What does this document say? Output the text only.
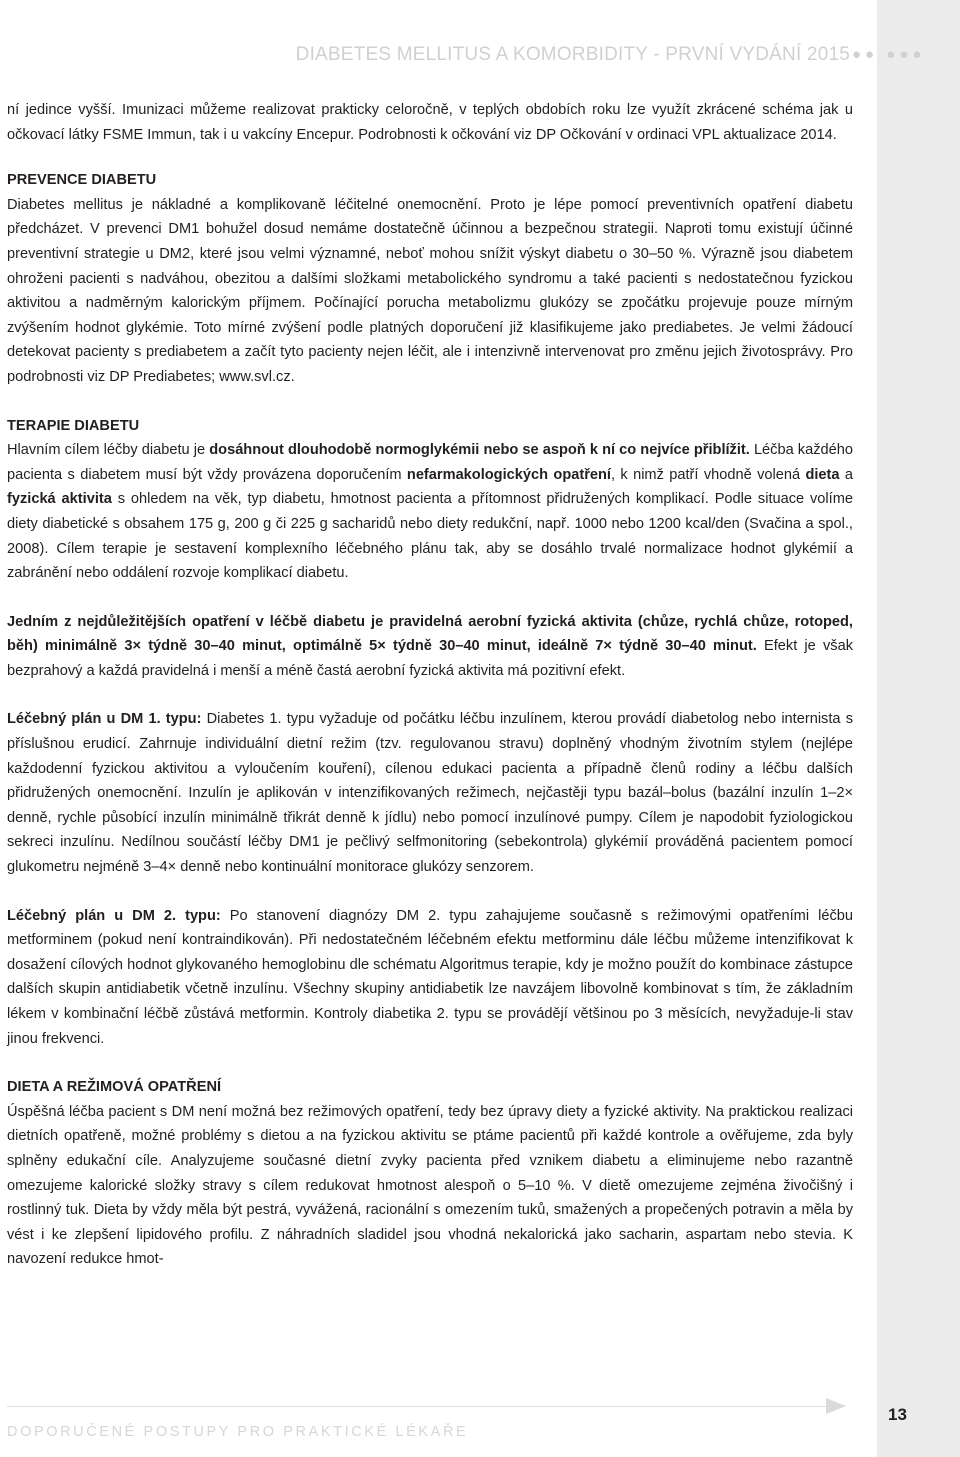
DIABETES MELLITUS A KOMORBIDITY - PRVNÍ VYDÁNÍ 2015 ●● ●●●

ní jedince vyšší. Imunizaci můžeme realizovat prakticky celoročně, v teplých obdobích roku lze využít zkrácené schéma jak u očkovací látky FSME Immun, tak i u vakcíny Encepur. Podrobnosti k očkování viz DP Očkování v ordinaci VPL aktualizace 2014.

PREVENCE DIABETU

Diabetes mellitus je nákladné a komplikovaně léčitelné onemocnění. Proto je lépe pomocí preventivních opatření diabetu předcházet. V prevenci DM1 bohužel dosud nemáme dostatečně účinnou a bezpečnou strategii. Naproti tomu existují účinné preventivní strategie u DM2, které jsou velmi významné, neboť mohou snížit výskyt diabetu o 30–50 %. Výrazně jsou diabetem ohroženi pacienti s nadváhou, obezitou a dalšími složkami metabolického syndromu a také pacienti s nedostatečnou fyzickou aktivitou a nadměrným kalorickým příjmem. Počínající porucha metabolizmu glukózy se zpočátku projevuje pouze mírným zvýšením hodnot glykémie. Toto mírné zvýšení podle platných doporučení již klasifikujeme jako prediabetes. Je velmi žádoucí detekovat pacienty s prediabetem a začít tyto pacienty nejen léčit, ale i intenzivně intervenovat pro změnu jejich životosprávy. Pro podrobnosti viz DP Prediabetes; www.svl.cz.

TERAPIE DIABETU

Hlavním cílem léčby diabetu je dosáhnout dlouhodobě normoglykémii nebo se aspoň k ní co nejvíce přiblížit. Léčba každého pacienta s diabetem musí být vždy provázena doporučením nefarmakologických opatření, k nimž patří vhodně volená dieta a fyzická aktivita s ohledem na věk, typ diabetu, hmotnost pacienta a přítomnost přidružených komplikací. Podle situace volíme diety diabetické s obsahem 175 g, 200 g či 225 g sacharidů nebo diety redukční, např. 1000 nebo 1200 kcal/den (Svačina a spol., 2008). Cílem terapie je sestavení komplexního léčebného plánu tak, aby se dosáhlo trvalé normalizace hodnot glykémií a zabránění nebo oddálení rozvoje komplikací diabetu.

Jedním z nejdůležitějších opatření v léčbě diabetu je pravidelná aerobní fyzická aktivita (chůze, rychlá chůze, rotoped, běh) minimálně 3× týdně 30–40 minut, optimálně 5× týdně 30–40 minut, ideálně 7× týdně 30–40 minut. Efekt je však bezprahový a každá pravidelná i menší a méně častá aerobní fyzická aktivita má pozitivní efekt.

Léčebný plán u DM 1. typu: Diabetes 1. typu vyžaduje od počátku léčbu inzulínem, kterou provádí diabetolog nebo internista s příslušnou erudicí. Zahrnuje individuální dietní režim (tzv. regulovanou stravu) doplněný vhodným životním stylem (nejlépe každodenní fyzickou aktivitou a vyloučením kouření), cílenou edukaci pacienta a případně členů rodiny a léčbu dalších přidružených onemocnění. Inzulín je aplikován v intenzifikovaných režimech, nejčastěji typu bazál–bolus (bazální inzulín 1–2× denně, rychle působící inzulín minimálně třikrát denně k jídlu) nebo pomocí inzulínové pumpy. Cílem je napodobit fyziologickou sekreci inzulínu. Nedílnou součástí léčby DM1 je pečlivý selfmonitoring (sebekontrola) glykémií prováděná pacientem pomocí glukometru nejméně 3–4× denně nebo kontinuální monitorace glukózy senzorem.

Léčebný plán u DM 2. typu: Po stanovení diagnózy DM 2. typu zahajujeme současně s režimovými opatřeními léčbu metforminem (pokud není kontraindikován). Při nedostatečném léčebném efektu metforminu dále léčbu můžeme intenzifikovat k dosažení cílových hodnot glykovaného hemoglobinu dle schématu Algoritmus terapie, kdy je možno použít do kombinace zástupce dalších skupin antidiabetik včetně inzulínu. Všechny skupiny antidiabetik lze navzájem libovolně kombinovat s tím, že základním lékem v kombinační léčbě zůstává metformin. Kontroly diabetika 2. typu se provádějí většinou po 3 měsících, nevyžaduje-li stav jinou frekvenci.

DIETA A REŽIMOVÁ OPATŘENÍ

Úspěšná léčba pacient s DM není možná bez režimových opatření, tedy bez úpravy diety a fyzické aktivity. Na praktickou realizaci dietních opatřeně, možné problémy s dietou a na fyzickou aktivitu se ptáme pacientů při každé kontrole a ověřujeme, zda byly splněny edukační cíle. Analyzujeme současné dietní zvyky pacienta před vznikem diabetu a eliminujeme nebo razantně omezujeme kalorické složky stravy s cílem redukovat hmotnost alespoň o 5–10 %. V dietě omezujeme zejména živočišný i rostlinný tuk. Dieta by vždy měla být pestrá, vyvážená, racionální s omezením tuků, smažených a propečených potravin a měla by vést i ke zlepšení lipidového profilu. Z náhradních sladidel jsou vhodná nekalorická jako sacharin, aspartam nebo stevia. K navození redukce hmot-

DOPORUČENÉ POSTUPY PRO PRAKTICKÉ LÉKAŘE
13
